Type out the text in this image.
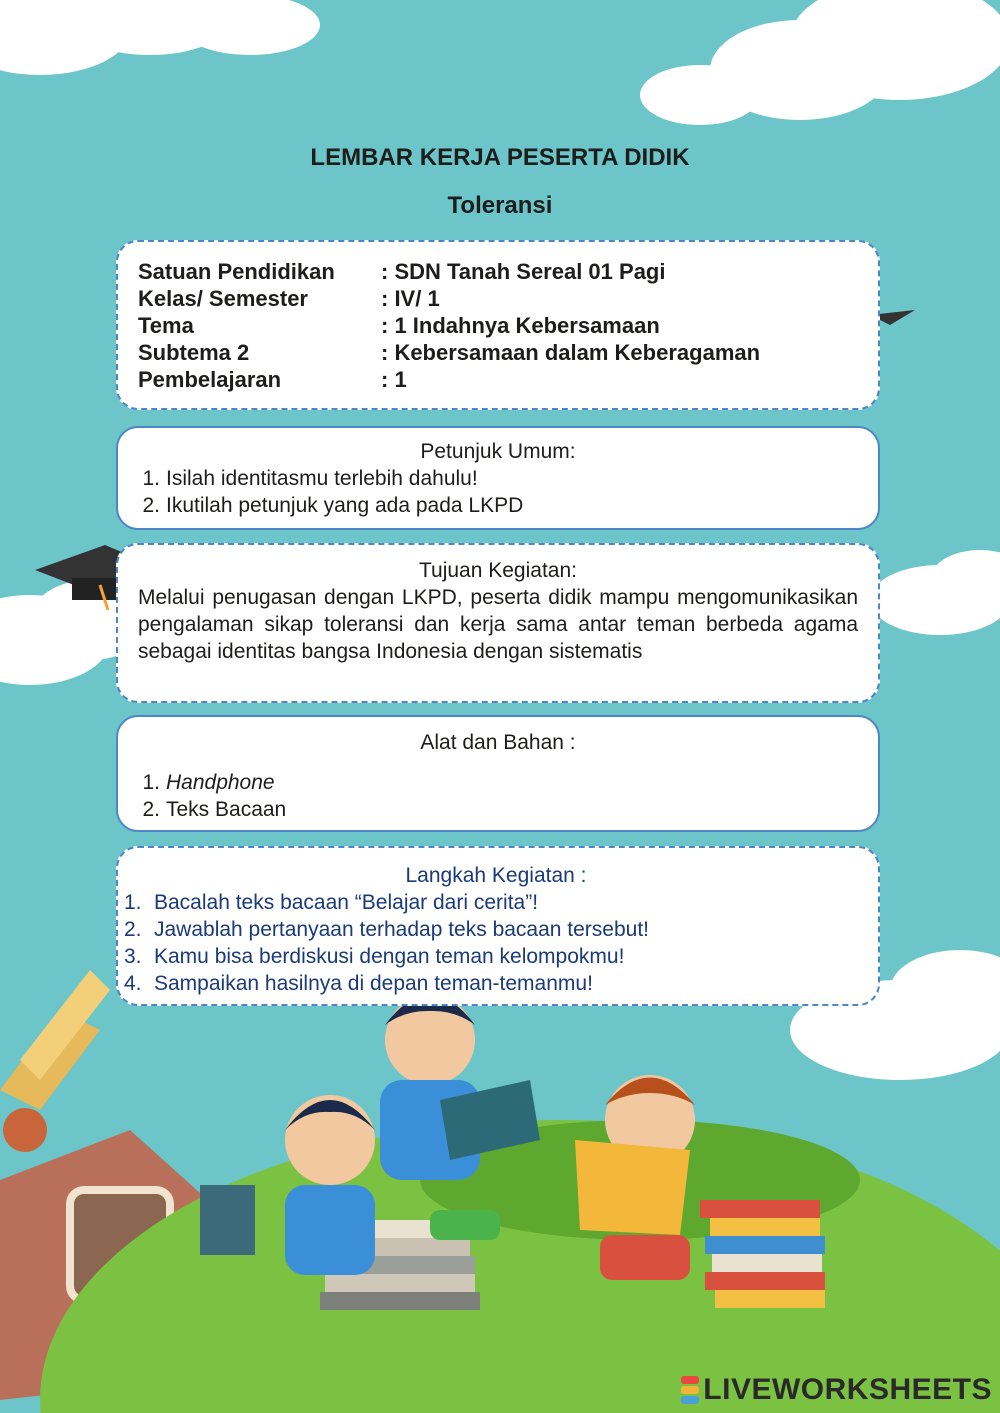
LEMBAR KERJA PESERTA DIDIK
Toleransi
Satuan Pendidikan	: SDN Tanah Sereal 01 Pagi
Kelas/ Semester	: IV/ 1
Tema	: 1 Indahnya Kebersamaan
Subtema 2	: Kebersamaan dalam Keberagaman
Pembelajaran	: 1
Petunjuk Umum:
1. Isilah identitasmu terlebih dahulu!
2. Ikutilah petunjuk yang ada pada LKPD
Tujuan Kegiatan:

Melalui penugasan dengan LKPD, peserta didik mampu mengomunikasikan pengalaman sikap toleransi dan kerja sama antar teman berbeda agama sebagai identitas bangsa Indonesia dengan sistematis

Alat dan Bahan :
1. Handphone
2. Teks Bacaan
Langkah Kegiatan :
1. Bacalah teks bacaan “Belajar dari cerita”!
2. Jawablah pertanyaan terhadap teks bacaan tersebut!
3. Kamu bisa berdiskusi dengan teman kelompokmu!
4. Sampaikan hasilnya di depan teman-temanmu!
LIVEWORKSHEETS
